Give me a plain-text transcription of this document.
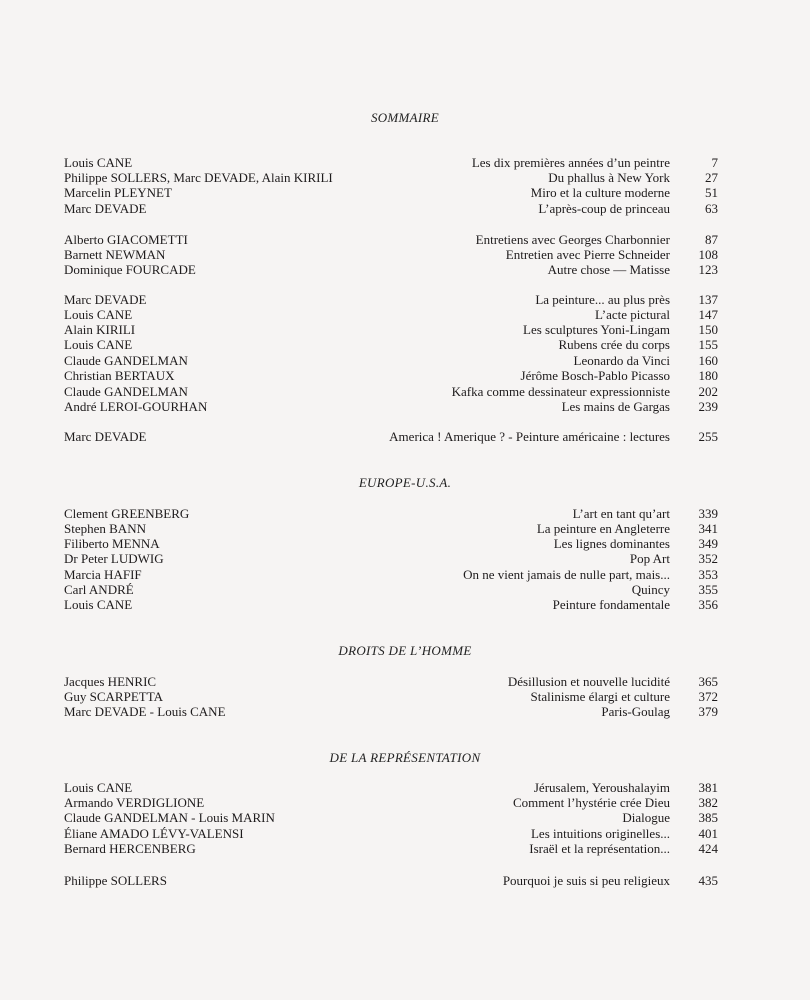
SOMMAIRE
Louis CANE	Les dix premières années d’un peintre	7
Philippe SOLLERS, Marc DEVADE, Alain KIRILI	Du phallus à New York	27
Marcelin PLEYNET	Miro et la culture moderne	51
Marc DEVADE	L’après-coup de princeau	63
Alberto GIACOMETTI	Entretiens avec Georges Charbonnier	87
Barnett NEWMAN	Entretien avec Pierre Schneider	108
Dominique FOURCADE	Autre chose — Matisse	123
Marc DEVADE	La peinture... au plus près	137
Louis CANE	L’acte pictural	147
Alain KIRILI	Les sculptures Yoni-Lingam	150
Louis CANE	Rubens crée du corps	155
Claude GANDELMAN	Leonardo da Vinci	160
Christian BERTAUX	Jérôme Bosch-Pablo Picasso	180
Claude GANDELMAN	Kafka comme dessinateur expressionniste	202
André LEROI-GOURHAN	Les mains de Gargas	239
Marc DEVADE	America ! Amerique ? - Peinture américaine : lectures	255
EUROPE-U.S.A.
Clement GREENBERG	L’art en tant qu’art	339
Stephen BANN	La peinture en Angleterre	341
Filiberto MENNA	Les lignes dominantes	349
Dr Peter LUDWIG	Pop Art	352
Marcia HAFIF	On ne vient jamais de nulle part, mais...	353
Carl ANDRÉ	Quincy	355
Louis CANE	Peinture fondamentale	356
DROITS DE L’HOMME
Jacques HENRIC	Désillusion et nouvelle lucidité	365
Guy SCARPETTA	Stalinisme élargi et culture	372
Marc DEVADE - Louis CANE	Paris-Goulag	379
DE LA REPRÉSENTATION
Louis CANE	Jérusalem, Yeroushalayim	381
Armando VERDIGLIONE	Comment l’hystérie crée Dieu	382
Claude GANDELMAN - Louis MARIN	Dialogue	385
Éliane AMADO LÉVY-VALENSI	Les intuitions originelles...	401
Bernard HERCENBERG	Israël et la représentation...	424
Philippe SOLLERS	Pourquoi je suis si peu religieux	435
